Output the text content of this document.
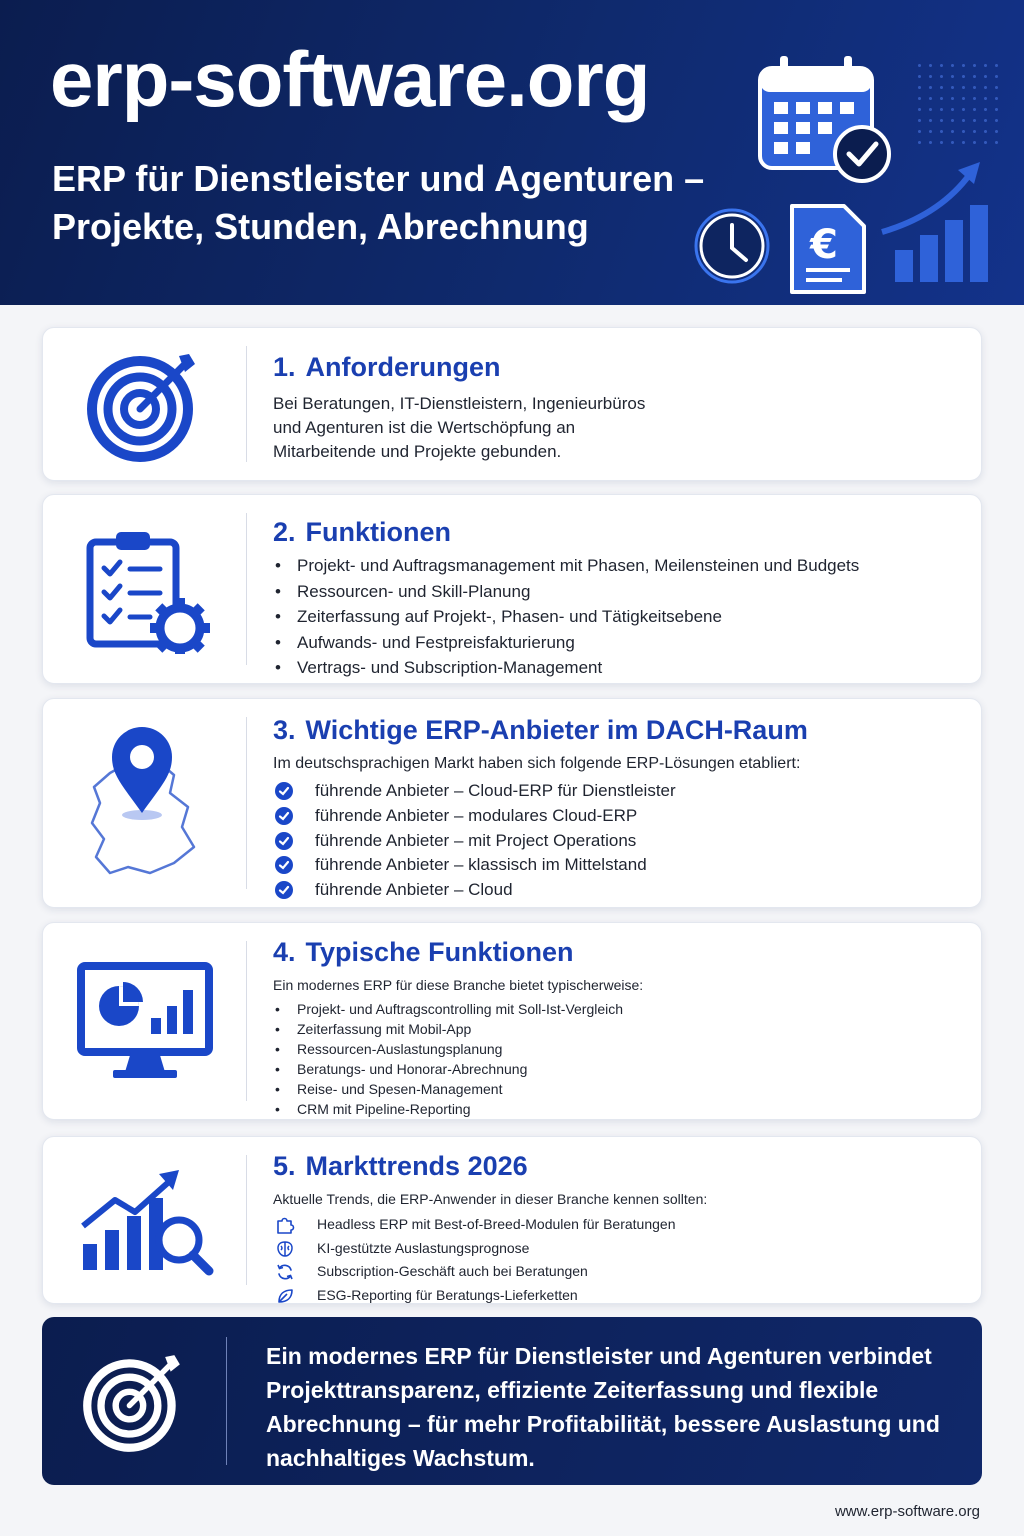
erp-software.org
ERP für Dienstleister und Agenturen – Projekte, Stunden, Abrechnung	€
1. Anforderungen

Bei Beratungen, IT-Dienstleistern, Ingenieurbüros und Agenturen ist die Wertschöpfung an Mitarbeitende und Projekte gebunden.

2. Funktionen
• Projekt- und Auftragsmanagement mit Phasen, Meilensteinen und Budgets
• Ressourcen- und Skill-Planung
• Zeiterfassung auf Projekt-, Phasen- und Tätigkeitsebene
• Aufwands- und Festpreisfakturierung
• Vertrags- und Subscription-Management
3. Wichtige ERP-Anbieter im DACH-Raum
Im deutschsprachigen Markt haben sich folgende ERP-Lösungen etabliert:
führende Anbieter – Cloud-ERP für Dienstleister
führende Anbieter – modulares Cloud-ERP
führende Anbieter – mit Project Operations
führende Anbieter – klassisch im Mittelstand
führende Anbieter – Cloud
4. Typische Funktionen
Ein modernes ERP für diese Branche bietet typischerweise:
• Projekt- und Auftragscontrolling mit Soll-Ist-Vergleich
• Zeiterfassung mit Mobil-App
• Ressourcen-Auslastungsplanung
• Beratungs- und Honorar-Abrechnung
• Reise- und Spesen-Management
• CRM mit Pipeline-Reporting
5. Markttrends 2026
Aktuelle Trends, die ERP-Anwender in dieser Branche kennen sollten:
Headless ERP mit Best-of-Breed-Modulen für Beratungen
KI-gestützte Auslastungsprognose
Subscription-Geschäft auch bei Beratungen
ESG-Reporting für Beratungs-Lieferketten
Ein modernes ERP für Dienstleister und Agenturen verbindet Projekttransparenz, effiziente Zeiterfassung und flexible Abrechnung – für mehr Profitabilität, bessere Auslastung und nachhaltiges Wachstum.
www.erp-software.org
